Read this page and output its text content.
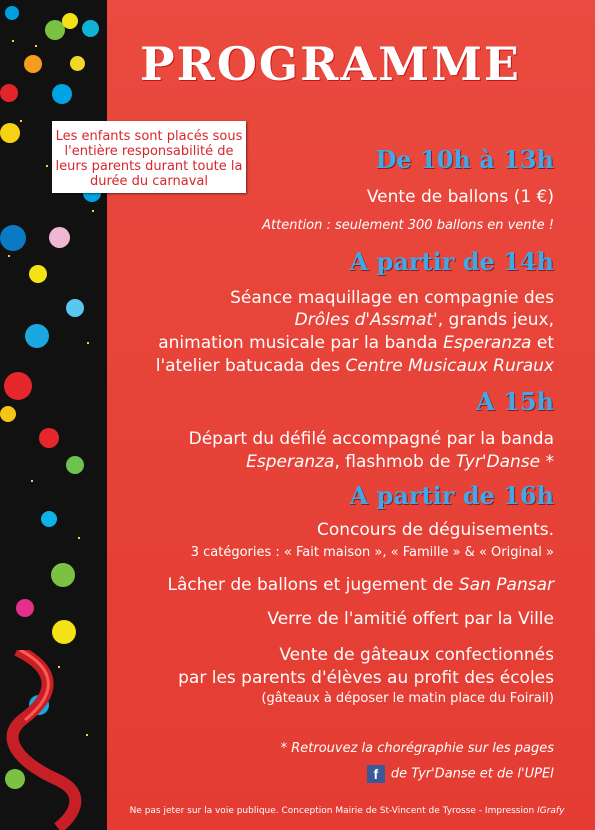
Les enfants sont placés sous
l'entière responsabilité de
leurs parents durant toute la
durée du carnaval
PROGRAMME
De 10h à 13h
Vente de ballons (1 €)
Attention : seulement 300 ballons en vente !
A partir de 14h
Séance maquillage en compagnie des
Drôles d'Assmat', grands jeux,
animation musicale par la banda Esperanza et
l'atelier batucada des Centre Musicaux Ruraux
A 15h
Départ du défilé accompagné par la banda
Esperanza, flashmob de Tyr'Danse *
A partir de 16h
Concours de déguisements.
3 catégories : « Fait maison », « Famille » & « Original »
Lâcher de ballons et jugement de San Pansar
Verre de l'amitié offert par la Ville
Vente de gâteaux confectionnés
par les parents d'élèves au profit des écoles
(gâteaux à déposer le matin place du Foirail)
* Retrouvez la chorégraphie sur les pages
f de Tyr'Danse et de l'UPEI
Ne pas jeter sur la voie publique. Conception Mairie de St-Vincent de Tyrosse - Impression IGrafy
